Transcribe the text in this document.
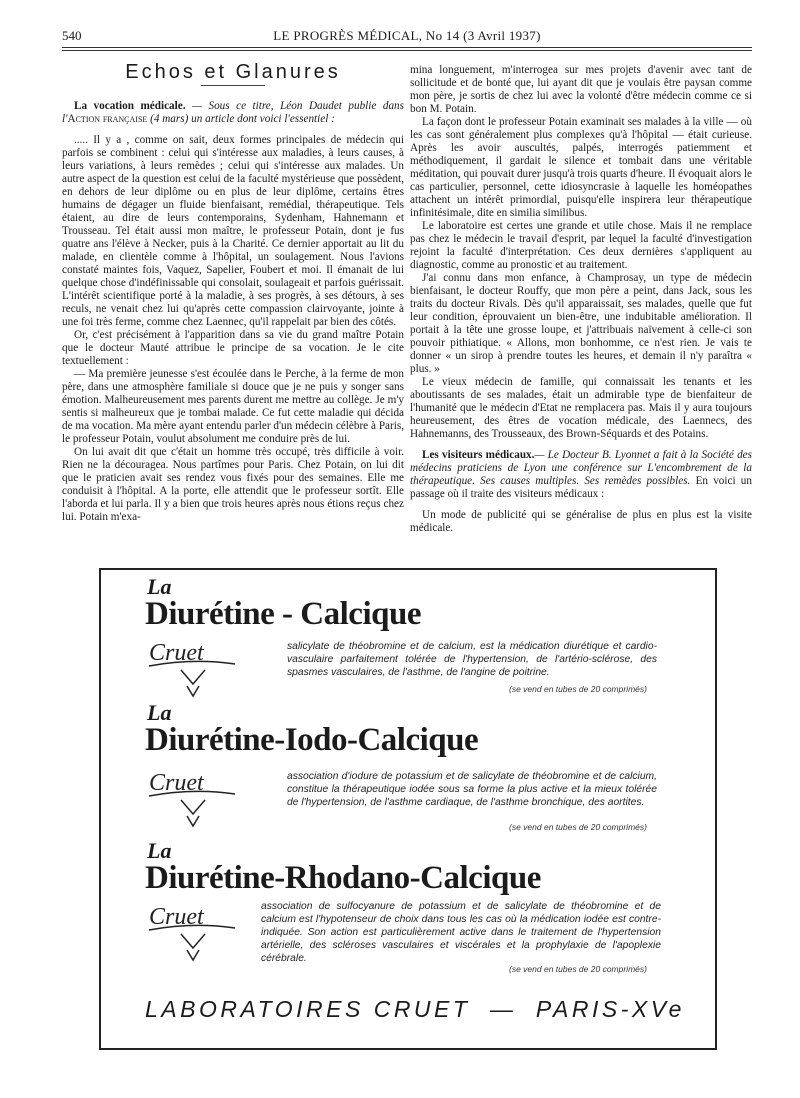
540	LE PROGRÈS MÉDICAL, No 14 (3 Avril 1937)
Echos et Glanures

La vocation médicale. — Sous ce titre, Léon Daudet publie dans l'Action française (4 mars) un article dont voici l'essentiel :

..... Il y a , comme on sait, deux formes principales de médecin qui parfois se combinent : celui qui s'intéresse aux maladies, à leurs causes, à leurs variations, à leurs remèdes ; celui qui s'intéresse aux malades. Un autre aspect de la question est celui de la faculté mystérieuse que possèdent, en dehors de leur diplôme ou en plus de leur diplôme, certains êtres humains de dégager un fluide bienfaisant, remédial, thérapeutique. Tels étaient, au dire de leurs contemporains, Sydenham, Hahnemann et Trousseau. Tel était aussi mon maître, le professeur Potain, dont je fus quatre ans l'élève à Necker, puis à la Charité. Ce dernier apportait au lit du malade, en clientèle comme à l'hôpital, un soulagement. Nous l'avions constaté maintes fois, Vaquez, Sapelier, Foubert et moi. Il émanait de lui quelque chose d'indéfinissable qui consolait, soulageait et parfois guérissait. L'intérêt scientifique porté à la maladie, à ses progrès, à ses détours, à ses reculs, ne venait chez lui qu'après cette compassion clairvoyante, jointe à une foi très ferme, comme chez Laennec, qu'il rappelait par bien des côtés.

Or, c'est précisément à l'apparition dans sa vie du grand maître Potain que le docteur Mauté attribue le principe de sa vocation. Je le cite textuellement :

— Ma première jeunesse s'est écoulée dans le Perche, à la ferme de mon père, dans une atmosphère familiale si douce que je ne puis y songer sans émotion. Malheureusement mes parents durent me mettre au collège. Je m'y sentis si malheureux que je tombai malade. Ce fut cette maladie qui décida de ma vocation. Ma mère ayant entendu parler d'un médecin célèbre à Paris, le professeur Potain, voulut absolument me conduire près de lui.

On lui avait dit que c'était un homme très occupé, très difficile à voir. Rien ne la découragea. Nous partîmes pour Paris. Chez Potain, on lui dit que le praticien avait ses rendez vous fixés pour des semaines. Elle me conduisit à l'hôpital. A la porte, elle attendit que le professeur sortît. Elle l'aborda et lui parla. Il y a bien que trois heures après nous étions reçus chez lui. Potain m'exa-

mina longuement, m'interrogea sur mes projets d'avenir avec tant de sollicitude et de bonté que, lui ayant dit que je voulais être paysan comme mon père, je sortis de chez lui avec la volonté d'être médecin comme ce si bon M. Potain.

La façon dont le professeur Potain examinait ses malades à la ville — où les cas sont généralement plus complexes qu'à l'hôpital — était curieuse. Après les avoir auscultés, palpés, interrogés patiemment et méthodiquement, il gardait le silence et tombait dans une véritable méditation, qui pouvait durer jusqu'à trois quarts d'heure. Il évoquait alors le cas particulier, personnel, cette idiosyncrasie à laquelle les homéopathes attachent un intérêt primordial, puisqu'elle inspirera leur thérapeutique infinitésimale, dite en similia similibus.

Le laboratoire est certes une grande et utile chose. Mais il ne remplace pas chez le médecin le travail d'esprit, par lequel la faculté d'investigation rejoint la faculté d'interprétation. Ces deux dernières s'appliquent au diagnostic, comme au pronostic et au traitement.

J'ai connu dans mon enfance, à Champrosay, un type de médecin bienfaisant, le docteur Rouffy, que mon père a peint, dans Jack, sous les traits du docteur Rivals. Dès qu'il apparaissait, ses malades, quelle que fut leur condition, éprouvaient un bien-être, une indubitable amélioration. Il portait à la tête une grosse loupe, et j'attribuais naïvement à celle-ci son pouvoir pithiatique. « Allons, mon bonhomme, ce n'est rien. Je vais te donner « un sirop à prendre toutes les heures, et demain il n'y paraîtra « plus. »

Le vieux médecin de famille, qui connaissait les tenants et les aboutissants de ses malades, était un admirable type de bienfaiteur de l'humanité que le médecin d'Etat ne remplacera pas. Mais il y aura toujours heureusement, des êtres de vocation médicale, des Laennecs, des Hahnemanns, des Trousseaux, des Brown-Séquards et des Potains.

Les visiteurs médicaux.— Le Docteur B. Lyonnet a fait à la Société des médecins praticiens de Lyon une conférence sur L'encombrement de la thérapeutique. Ses causes multiples. Ses remèdes possibles. En voici un passage où il traite des visiteurs médicaux :

Un mode de publicité qui se généralise de plus en plus est la visite médicale.

La
Diurétine - Calcique
Cruet	salicylate de théobromine et de calcium, est la médication diurétique et cardio-vasculaire parfaitement tolérée de l'hypertension, de l'artério-sclérose, des spasmes vasculaires, de l'asthme, de l'angine de poitrine.
(se vend en tubes de 20 comprimés)
La
Diurétine-Iodo-Calcique
Cruet	association d'iodure de potassium et de salicylate de théobromine et de calcium, constitue la thérapeutique iodée sous sa forme la plus active et la mieux tolérée de l'hypertension, de l'asthme cardiaque, de l'asthme bronchique, des aortites.
(se vend en tubes de 20 comprimés)
La
Diurétine-Rhodano-Calcique
Cruet	association de sulfocyanure de potassium et de salicylate de théobromine et de calcium est l'hypotenseur de choix dans tous les cas où la médication iodée est contre-indiquée. Son action est particulièrement active dans le traitement de l'hypertension artérielle, des scléroses vasculaires et viscérales et la prophylaxie de l'apoplexie cérébrale.
(se vend en tubes de 20 comprimés)
LABORATOIRES CRUET — PARIS-XVe
